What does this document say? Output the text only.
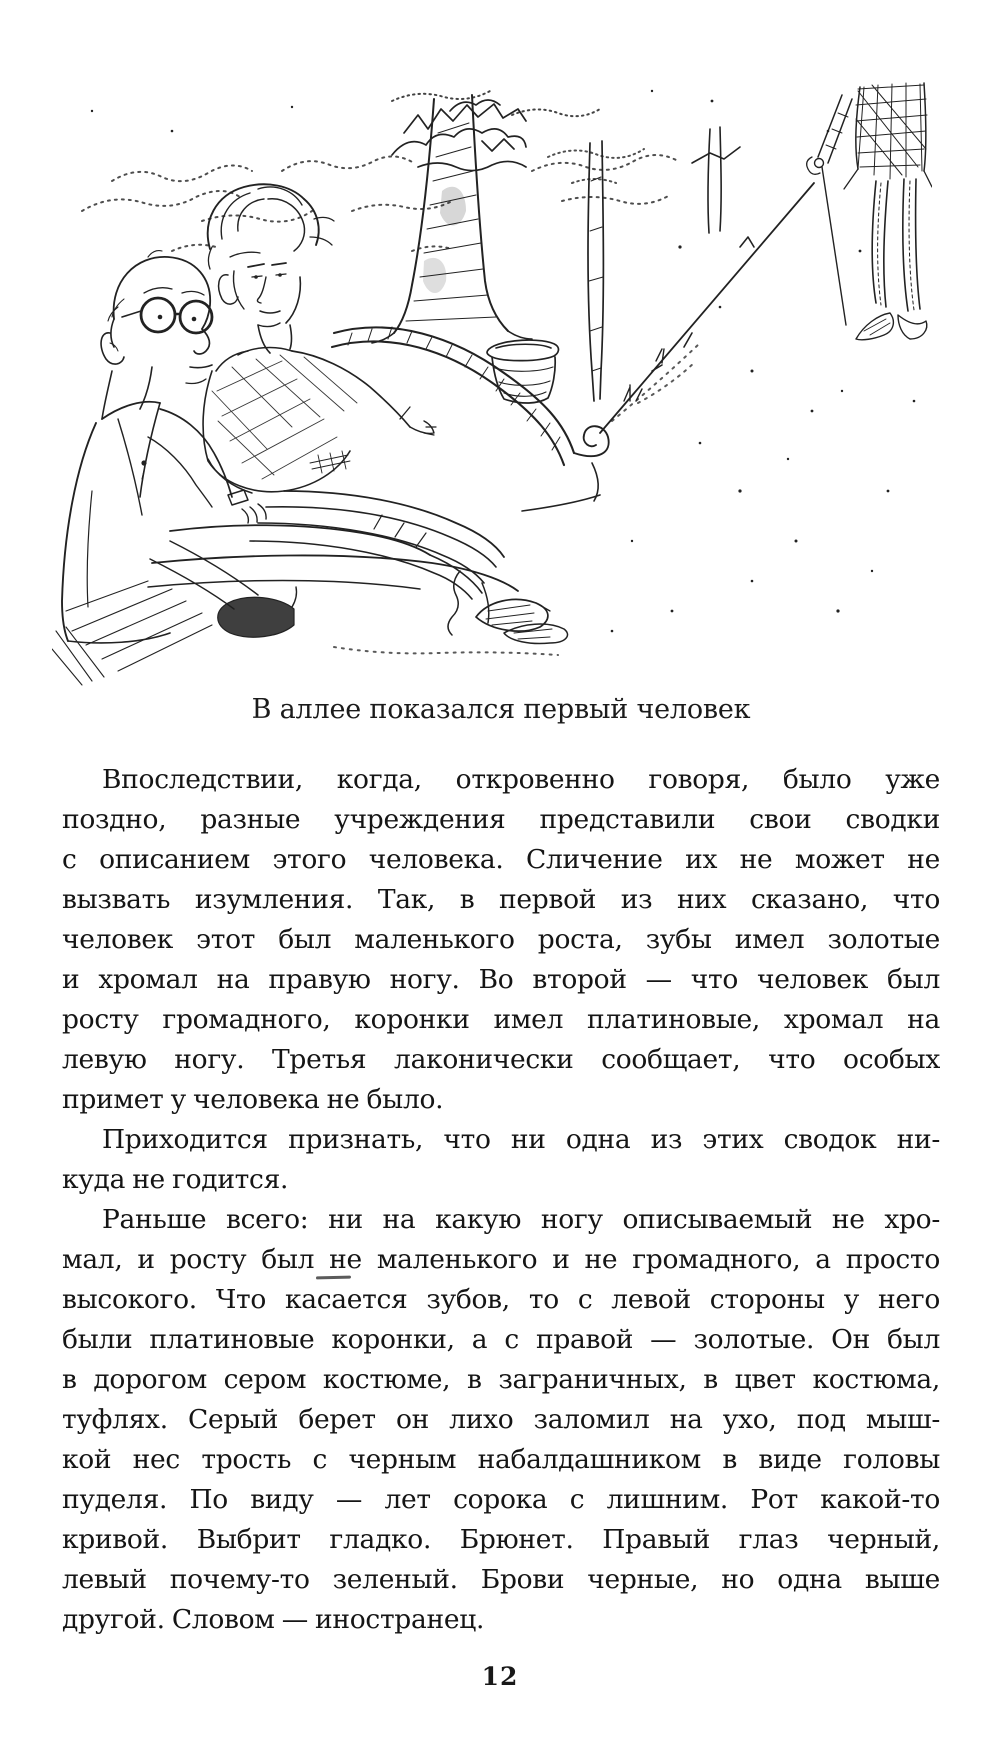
В аллее показался первый человек
Впоследствии, когда, откровенно говоря, было уже
поздно, разные учреждения представили свои сводки
с описанием этого человека. Сличение их не может не
вызвать изумления. Так, в первой из них сказано, что
человек этот был маленького роста, зубы имел золотые
и хромал на правую ногу. Во второй — что человек был
росту громадного, коронки имел платиновые, хромал на
левую ногу. Третья лаконически сообщает, что особых
примет у человека не было.
Приходится признать, что ни одна из этих сводок ни-
куда не годится.
Раньше всего: ни на какую ногу описываемый не хро-
мал, и росту был не маленького и не громадного, а просто
высокого. Что касается зубов, то с левой стороны у него
были платиновые коронки, а с правой — золотые. Он был
в дорогом сером костюме, в заграничных, в цвет костюма,
туфлях. Серый берет он лихо заломил на ухо, под мыш-
кой нес трость с черным набалдашником в виде головы
пуделя. По виду — лет сорока с лишним. Рот какой-то
кривой. Выбрит гладко. Брюнет. Правый глаз черный,
левый почему-то зеленый. Брови черные, но одна выше
другой. Словом — иностранец.
12
